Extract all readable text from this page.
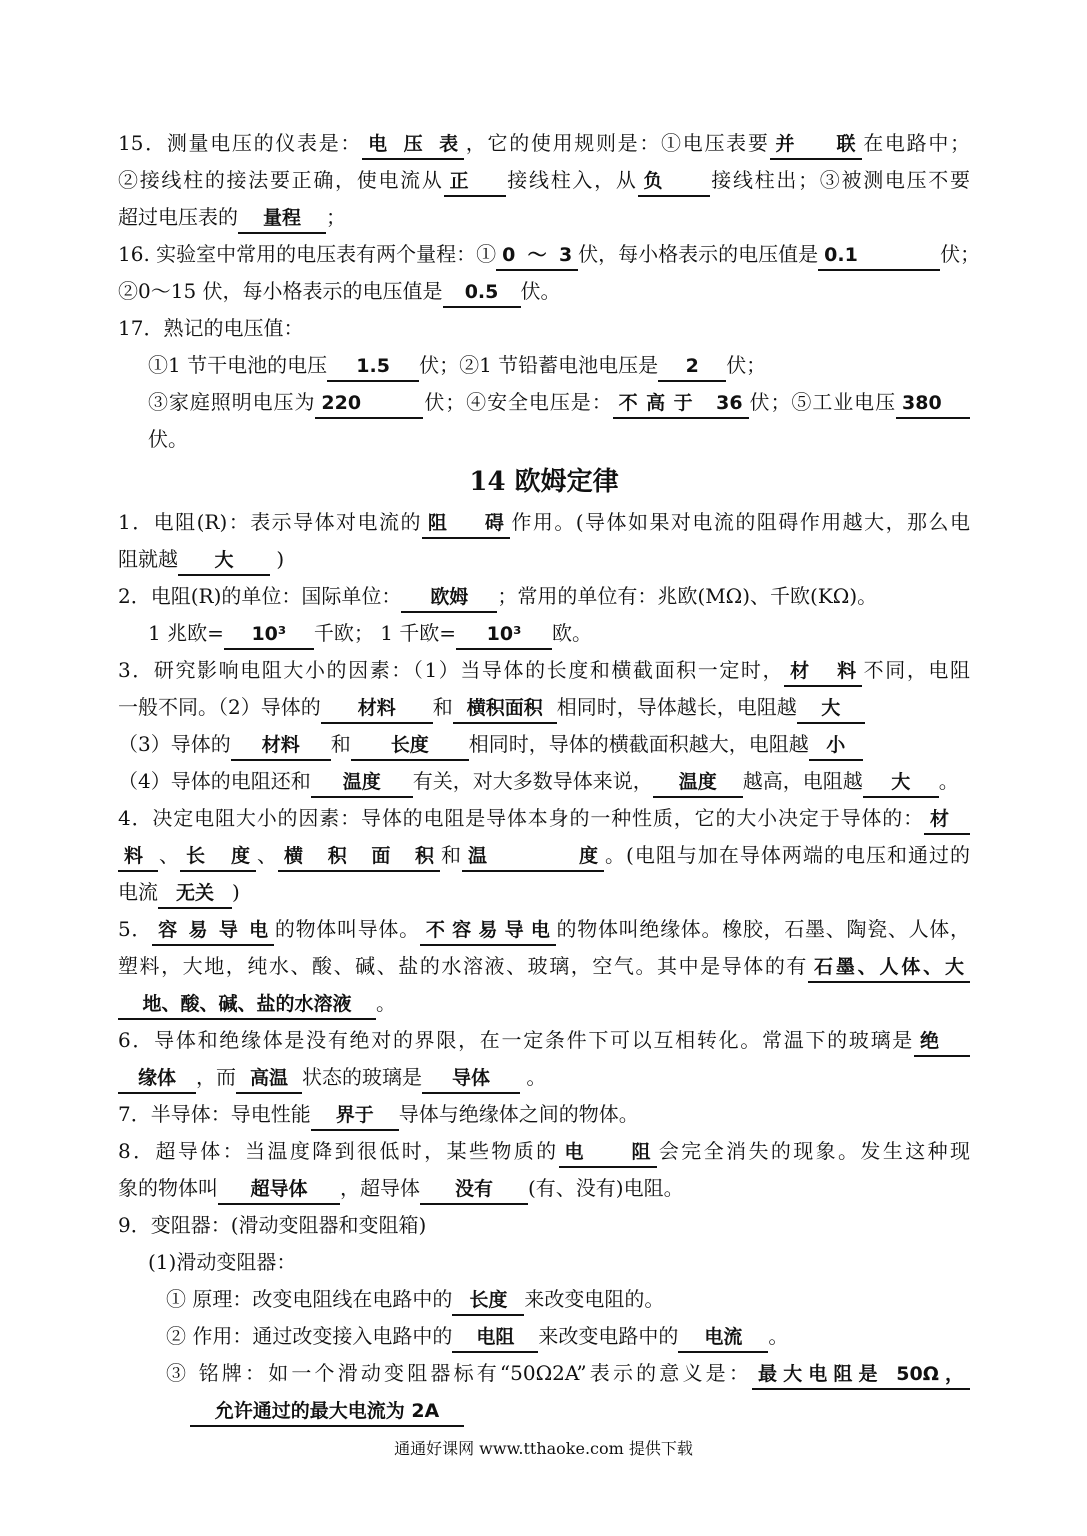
15．测量电压的仪表是： 电压表 ，它的使用规则是：①电压表要 并联 在电路中；
②接线柱的接法要正确，使电流从 正 接线柱入，从 负 接线柱出；③被测电压不要
超过电压表的 量程 ；
16. 实验室中常用的电压表有两个量程：① 0～3 伏，每小格表示的电压值是 0.1	伏；
②0～15 伏，每小格表示的电压值是 0.5 伏。
17．熟记的电压值：
①1 节干电池的电压 1.5 伏；②1 节铅蓄电池电压是 2 伏；
③家庭照明电压为 220	伏；④安全电压是： 不高于 36 伏；⑤工业电压 380
伏。
14 欧姆定律
1．电阻(R)：表示导体对电流的 阻碍 作用。(导体如果对电流的阻碍作用越大，那么电
阻就越 大 )
2．电阻(R)的单位：国际单位： 欧姆 ；常用的单位有：兆欧(MΩ)、千欧(KΩ)。
1 兆欧= 10³ 千欧； 1 千欧= 10³ 欧。
3．研究影响电阻大小的因素：（1）当导体的长度和横截面积一定时， 材料 不同，电阻
一般不同。（2）导体的 材料 和 横积面积 相同时，导体越长，电阻越 大
（3）导体的 材料 和 长度 相同时，导体的横截面积越大，电阻越 小
（4）导体的电阻还和 温度 有关，对大多数导体来说， 温度 越高，电阻越 大 。
4．决定电阻大小的因素：导体的电阻是导体本身的一种性质，它的大小决定于导体的： 材
料 、 长度 、 横积面积 和 温度 。(电阻与加在导体两端的电压和通过的
电流 无关 )
5． 容易导电 的物体叫导体。 不容易导电 的物体叫绝缘体。橡胶，石墨、陶瓷、人体，
塑料，大地，纯水、酸、碱、盐的水溶液、玻璃，空气。其中是导体的有 石墨、人体、大
地、酸、碱、盐的水溶液 。
6．导体和绝缘体是没有绝对的界限，在一定条件下可以互相转化。常温下的玻璃是 绝
缘体 ，而 高温 状态的玻璃是 导体 。
7．半导体：导电性能 界于 导体与绝缘体之间的物体。
8．超导体：当温度降到很低时，某些物质的 电阻 会完全消失的现象。发生这种现
象的物体叫 超导体 ，超导体 没有 (有、没有)电阻。
9．变阻器：(滑动变阻器和变阻箱)
(1)滑动变阻器：
① 原理：改变电阻线在电路中的 长度 来改变电阻的。
② 作用：通过改变接入电路中的 电阻 来改变电路中的 电流 。
③ 铭牌：如一个滑动变阻器标有“50Ω2A”表示的意义是： 最大电阻是 50Ω，
允许通过的最大电流为 2A
通通好课网 www.tthaoke.com 提供下载
